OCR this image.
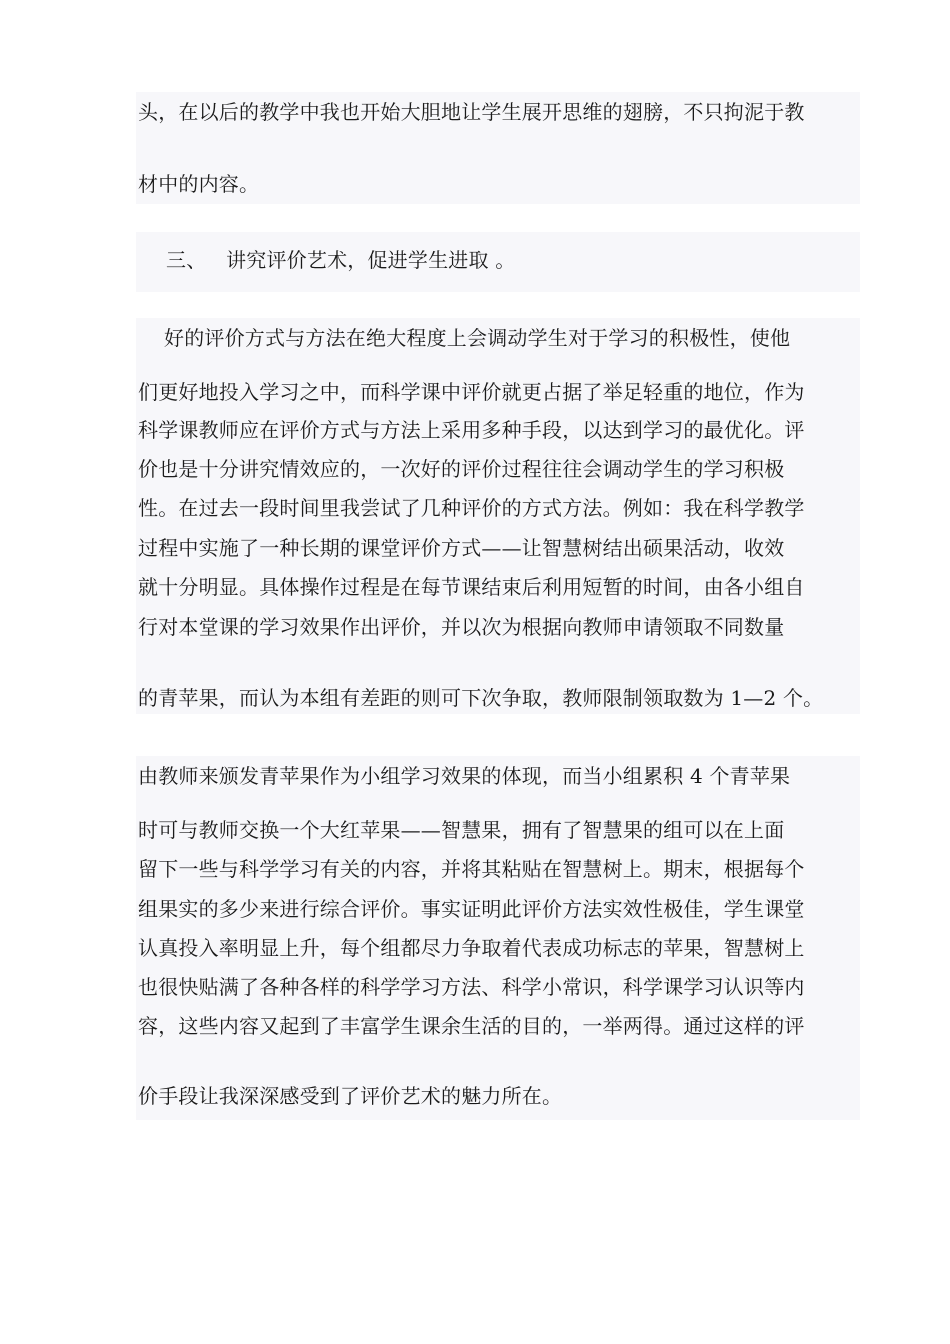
头，在以后的教学中我也开始大胆地让学生展开思维的翅膀，不只拘泥于教
材中的内容。
三、   讲究评价艺术，促进学生进取 。
好的评价方式与方法在绝大程度上会调动学生对于学习的积极性，使他
们更好地投入学习之中，而科学课中评价就更占据了举足轻重的地位，作为
科学课教师应在评价方式与方法上采用多种手段，以达到学习的最优化。评
价也是十分讲究情效应的，一次好的评价过程往往会调动学生的学习积极
性。在过去一段时间里我尝试了几种评价的方式方法。例如：我在科学教学
过程中实施了一种长期的课堂评价方式——让智慧树结出硕果活动，收效
就十分明显。具体操作过程是在每节课结束后利用短暂的时间，由各小组自
行对本堂课的学习效果作出评价，并以次为根据向教师申请领取不同数量
的青苹果，而认为本组有差距的则可下次争取，教师限制领取数为 1—2 个。
由教师来颁发青苹果作为小组学习效果的体现，而当小组累积 4 个青苹果
时可与教师交换一个大红苹果——智慧果，拥有了智慧果的组可以在上面
留下一些与科学学习有关的内容，并将其粘贴在智慧树上。期末，根据每个
组果实的多少来进行综合评价。事实证明此评价方法实效性极佳，学生课堂
认真投入率明显上升，每个组都尽力争取着代表成功标志的苹果，智慧树上
也很快贴满了各种各样的科学学习方法、科学小常识，科学课学习认识等内
容，这些内容又起到了丰富学生课余生活的目的，一举两得。通过这样的评
价手段让我深深感受到了评价艺术的魅力所在。
